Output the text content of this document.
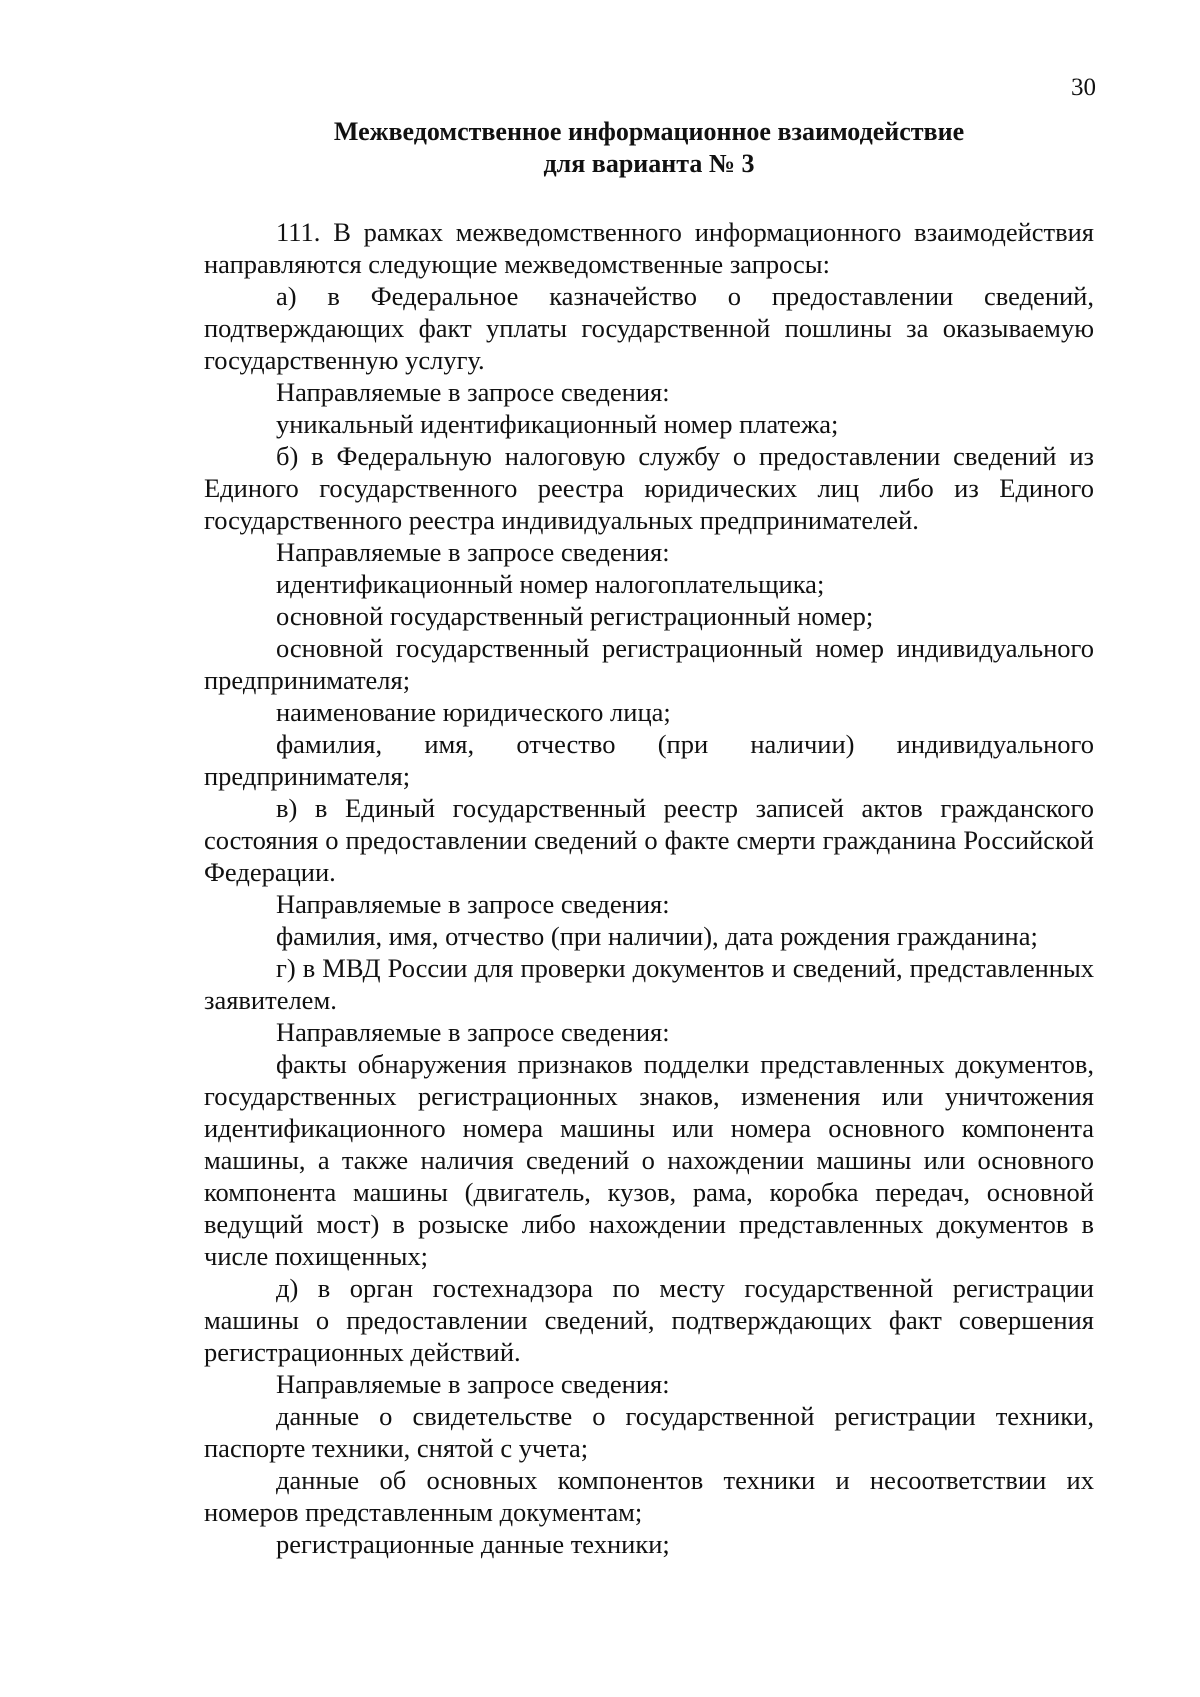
30
Межведомственное информационное взаимодействие
для варианта № 3

111. В рамках межведомственного информационного взаимодействия направляются следующие межведомственные запросы:

а) в Федеральное казначейство о предоставлении сведений, подтверждающих факт уплаты государственной пошлины за оказываемую государственную услугу.

Направляемые в запросе сведения:

уникальный идентификационный номер платежа;

б) в Федеральную налоговую службу о предоставлении сведений из Единого государственного реестра юридических лиц либо из Единого государственного реестра индивидуальных предпринимателей.

Направляемые в запросе сведения:

идентификационный номер налогоплательщика;

основной государственный регистрационный номер;

основной государственный регистрационный номер индивидуального предпринимателя;

наименование юридического лица;

фамилия, имя, отчество (при наличии) индивидуального предпринимателя;

в) в Единый государственный реестр записей актов гражданского состояния о предоставлении сведений о факте смерти гражданина Российской Федерации.

Направляемые в запросе сведения:

фамилия, имя, отчество (при наличии), дата рождения гражданина;

г) в МВД России для проверки документов и сведений, представленных заявителем.

Направляемые в запросе сведения:

факты обнаружения признаков подделки представленных документов, государственных регистрационных знаков, изменения или уничтожения идентификационного номера машины или номера основного компонента машины, а также наличия сведений о нахождении машины или основного компонента машины (двигатель, кузов, рама, коробка передач, основной ведущий мост) в розыске либо нахождении представленных документов в числе похищенных;

д) в орган гостехнадзора по месту государственной регистрации машины о предоставлении сведений, подтверждающих факт совершения регистрационных действий.

Направляемые в запросе сведения:

данные о свидетельстве о государственной регистрации техники, паспорте техники, снятой с учета;

данные об основных компонентов техники и несоответствии их номеров представленным документам;

регистрационные данные техники;
